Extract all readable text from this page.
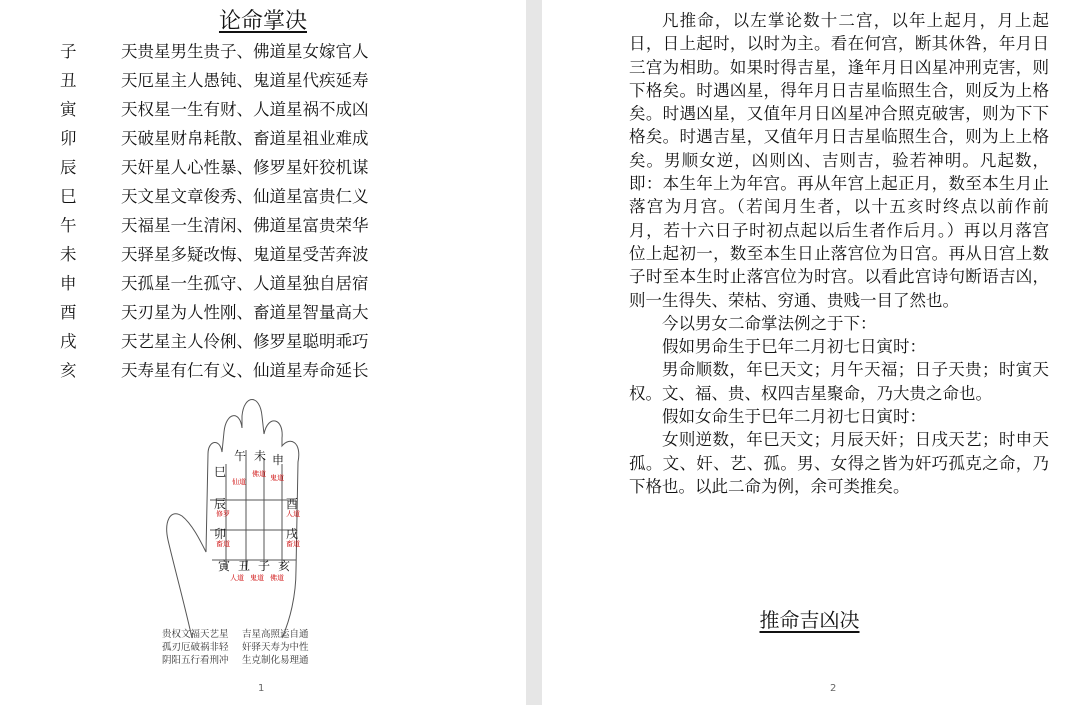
论命掌决
子	天贵星男生贵子、佛道星女嫁官人
丑	天厄星主人愚钝、鬼道星代疾延寿
寅	天权星一生有财、人道星祸不成凶
卯	天破星财帛耗散、畜道星祖业难成
辰	天奸星人心性暴、修罗星奸狡机谋
巳	天文星文章俊秀、仙道星富贵仁义
午	天福星一生清闲、佛道星富贵荣华
未	天驿星多疑改悔、鬼道星受苦奔波
申	天孤星一生孤守、人道星独自居宿
酉	天刃星为人性刚、畜道星智量高大
戌	天艺星主人伶俐、修罗星聪明乖巧
亥	天寿星有仁有义、仙道星寿命延长
巳
午 未 申
辰	酉
卯	戌
寅 丑 子 亥
仙道
佛道 鬼道
修罗	人道
畜道	畜道
人道 鬼道 佛道
贵权文福天艺星
孤刃厄破祸非轻
阴阳五行看刑冲
吉星高照运自通
奸驿天寿为中性
生克制化易理通
1

凡推命，以左掌论数十二宫，以年上起月，月上起日，日上起时，以时为主。看在何宫，断其休咎，年月日三宫为相助。如果时得吉星，逢年月日凶星冲刑克害，则下格矣。时遇凶星，得年月日吉星临照生合，则反为上格矣。时遇凶星，又值年月日凶星冲合照克破害，则为下下格矣。时遇吉星，又值年月日吉星临照生合，则为上上格矣。男顺女逆，凶则凶、吉则吉，验若神明。凡起数，即：本生年上为年宫。再从年宫上起正月，数至本生月止落宫为月宫。（若闰月生者，以十五亥时终点以前作前月，若十六日子时初点起以后生者作后月。）再以月落宫位上起初一，数至本生日止落宫位为日宫。再从日宫上数子时至本生时止落宫位为时宫。以看此宫诗句断语吉凶，则一生得失、荣枯、穷通、贵贱一目了然也。

今以男女二命掌法例之于下：

假如男命生于巳年二月初七日寅时：

男命顺数，年巳天文；月午天福；日子天贵；时寅天权。文、福、贵、权四吉星聚命，乃大贵之命也。

假如女命生于巳年二月初七日寅时：

女则逆数，年巳天文；月辰天奸；日戌天艺；时申天孤。文、奸、艺、孤。男、女得之皆为奸巧孤克之命，乃下格也。以此二命为例，余可类推矣。

推命吉凶决
2
